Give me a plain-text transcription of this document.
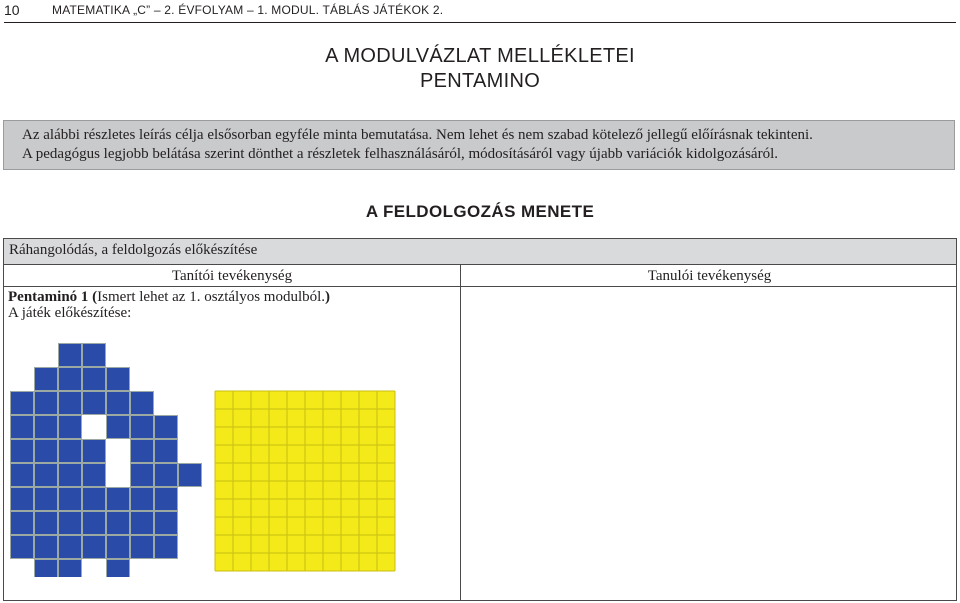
10	MATEMATIKA „C” – 2. ÉVFOLYAM – 1. MODUL. TÁBLÁS JÁTÉKOK 2.
A MODULVÁZLAT MELLÉKLETEI
PENTAMINO
Az alábbi részletes leírás célja elsősorban egyféle minta bemutatása. Nem lehet és nem szabad kötelező jellegű előírásnak tekinteni.
A pedagógus legjobb belátása szerint dönthet a részletek felhasználásáról, módosításáról vagy újabb variációk kidolgozásáról.
A FELDOLGOZÁS MENETE
Ráhangolódás, a feldolgozás előkészítése
Tanítói tevékenység	Tanulói tevékenység
Pentaminó 1 (Ismert lehet az 1. osztályos modulból.)
A játék előkészítése:
